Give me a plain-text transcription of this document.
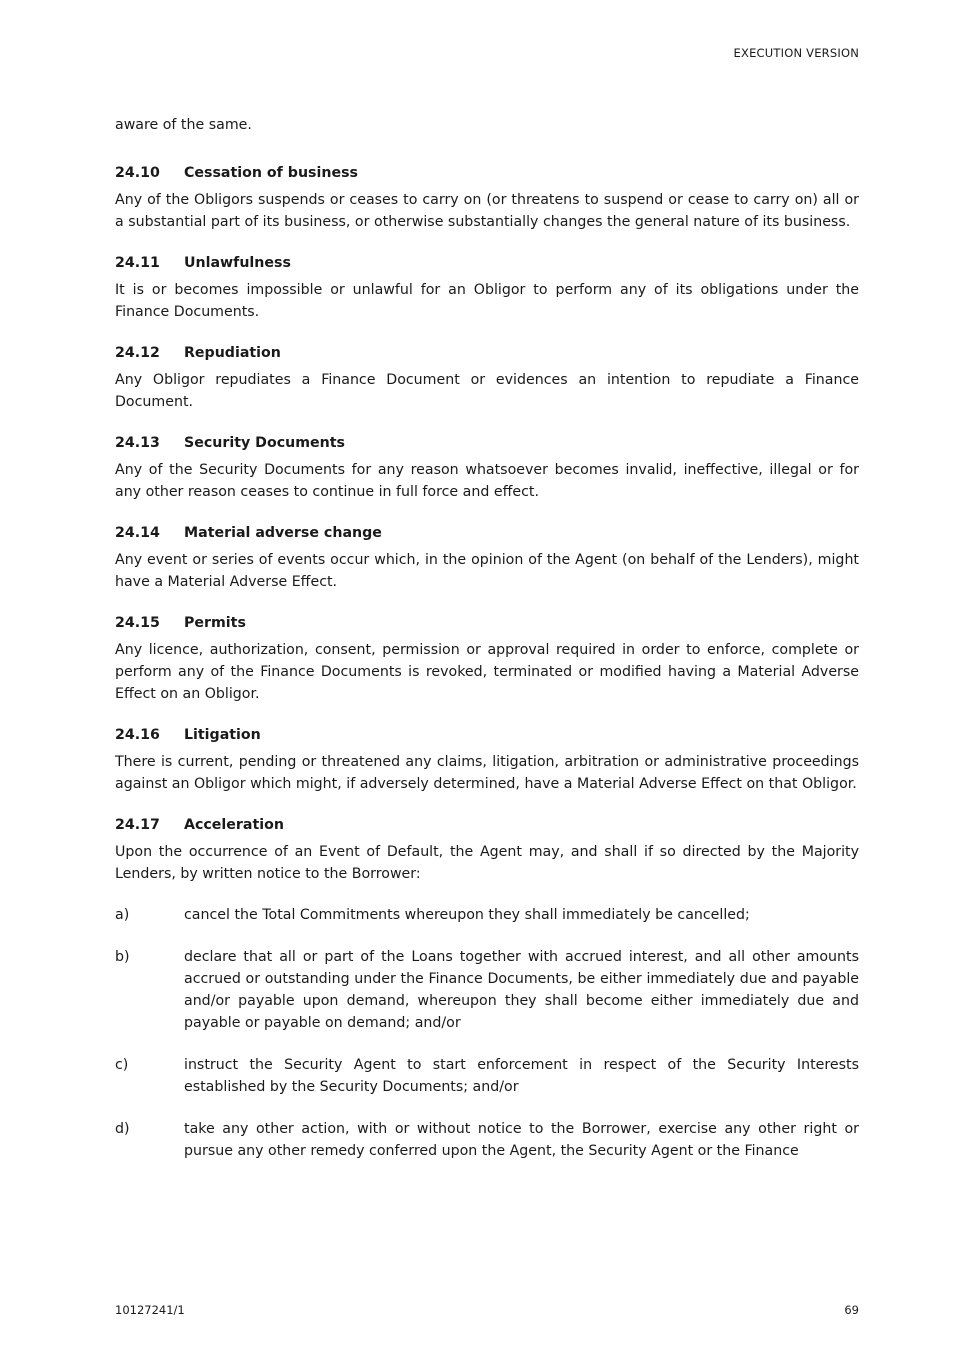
EXECUTION VERSION

aware of the same.

24.10	Cessation of business

Any of the Obligors suspends or ceases to carry on (or threatens to suspend or cease to carry on) all or a substantial part of its business, or otherwise substantially changes the general nature of its business.

24.11	Unlawfulness

It is or becomes impossible or unlawful for an Obligor to perform any of its obligations under the Finance Documents.

24.12	Repudiation

Any Obligor repudiates a Finance Document or evidences an intention to repudiate a Finance Document.

24.13	Security Documents

Any of the Security Documents for any reason whatsoever becomes invalid, ineffective, illegal or for any other reason ceases to continue in full force and effect.

24.14	Material adverse change

Any event or series of events occur which, in the opinion of the Agent (on behalf of the Lenders), might have a Material Adverse Effect.

24.15	Permits

Any licence, authorization, consent, permission or approval required in order to enforce, complete or perform any of the Finance Documents is revoked, terminated or modified having a Material Adverse Effect on an Obligor.

24.16	Litigation

There is current, pending or threatened any claims, litigation, arbitration or administrative proceedings against an Obligor which might, if adversely determined, have a Material Adverse Effect on that Obligor.

24.17	Acceleration

Upon the occurrence of an Event of Default, the Agent may, and shall if so directed by the Majority Lenders, by written notice to the Borrower:

a)	cancel the Total Commitments whereupon they shall immediately be cancelled;

b)	declare that all or part of the Loans together with accrued interest, and all other amounts accrued or outstanding under the Finance Documents, be either immediately due and payable and/or payable upon demand, whereupon they shall become either immediately due and payable or payable on demand; and/or

c)	instruct the Security Agent to start enforcement in respect of the Security Interests established by the Security Documents; and/or

d)	take any other action, with or without notice to the Borrower, exercise any other right or pursue any other remedy conferred upon the Agent, the Security Agent or the Finance

10127241/1	69
